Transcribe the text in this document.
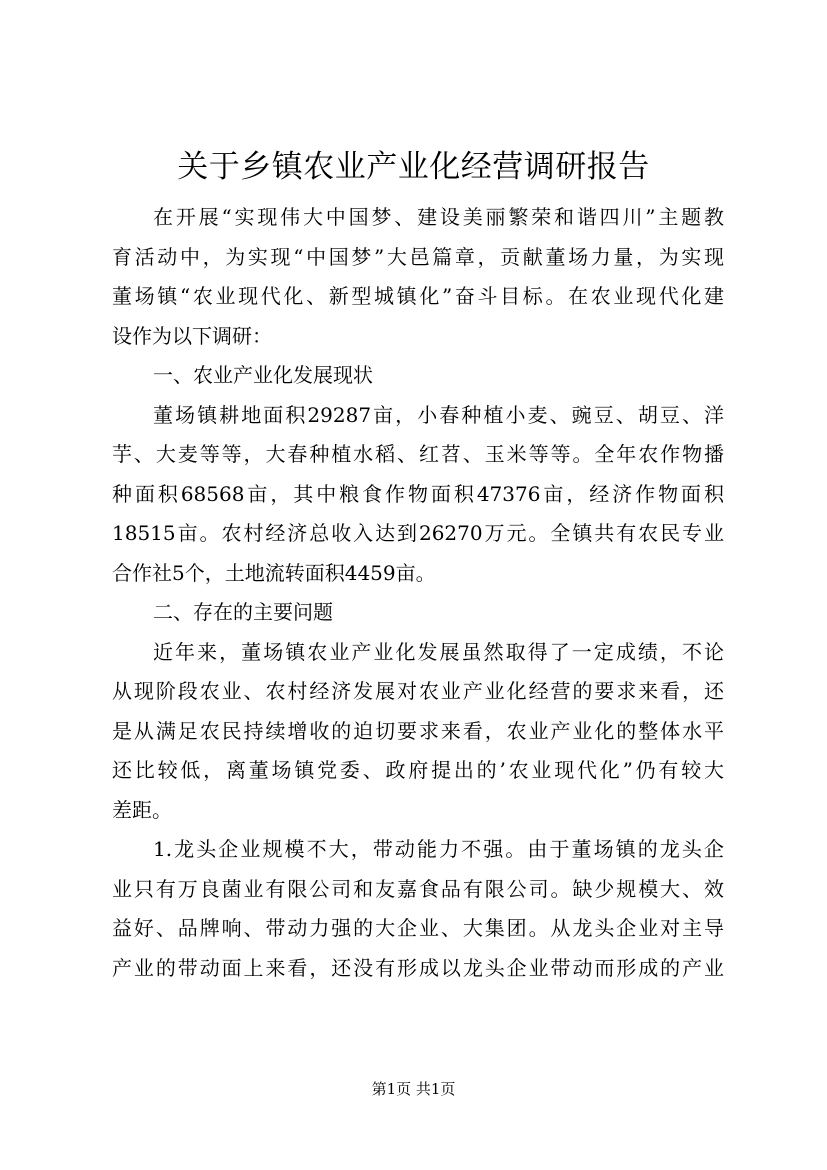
关于乡镇农业产业化经营调研报告
在开展“实现伟大中国梦、建设美丽繁荣和谐四川”主题教
育活动中，为实现“中国梦”大邑篇章，贡献董场力量，为实现
董场镇“农业现代化、新型城镇化”奋斗目标。在农业现代化建
设作为以下调研：
一、农业产业化发展现状
董场镇耕地面积29287亩，小春种植小麦、豌豆、胡豆、洋
芋、大麦等等，大春种植水稻、红苕、玉米等等。全年农作物播
种面积68568亩，其中粮食作物面积47376亩，经济作物面积
18515亩。农村经济总收入达到26270万元。全镇共有农民专业
合作社5个，土地流转面积4459亩。
二、存在的主要问题
近年来，董场镇农业产业化发展虽然取得了一定成绩，不论
从现阶段农业、农村经济发展对农业产业化经营的要求来看，还
是从满足农民持续增收的迫切要求来看，农业产业化的整体水平
还比较低，离董场镇党委、政府提出的’农业现代化”仍有较大
差距。
1.龙头企业规模不大，带动能力不强。由于董场镇的龙头企
业只有万良菌业有限公司和友嘉食品有限公司。缺少规模大、效
益好、品牌响、带动力强的大企业、大集团。从龙头企业对主导
产业的带动面上来看，还没有形成以龙头企业带动而形成的产业
第1页 共1页
